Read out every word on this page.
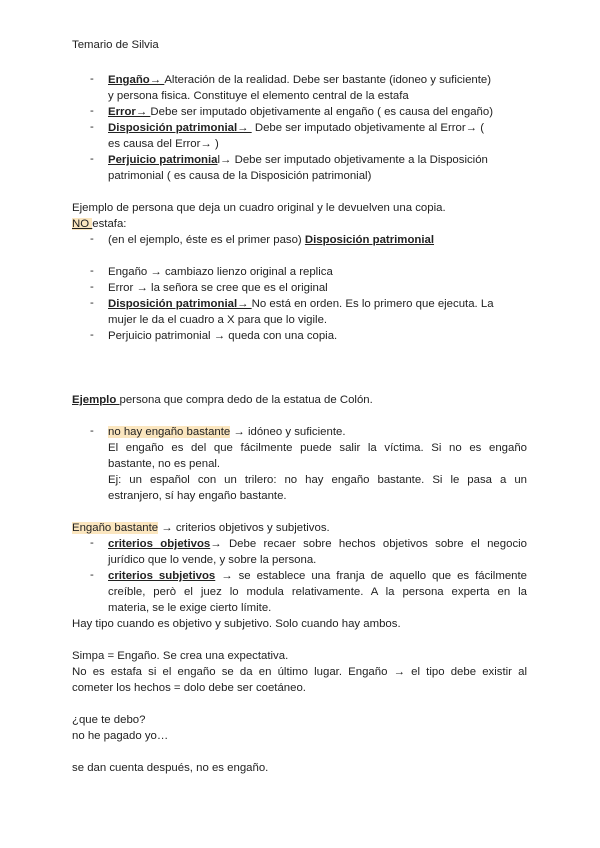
Temario de Silvia
- Engaño→ Alteración de la realidad. Debe ser bastante (idoneo y suficiente)
y persona fisica. Constituye el elemento central de la estafa
- Error→ Debe ser imputado objetivamente al engaño ( es causa del engaño)
- Disposición patrimonial→  Debe ser imputado objetivamente al Error→ (
es causa del Error→ )
- Perjuicio patrimonial→ Debe ser imputado objetivamente a la Disposición
patrimonial ( es causa de la Disposición patrimonial)
Ejemplo de persona que deja un cuadro original y le devuelven una copia.
NO estafa:
- (en el ejemplo, éste es el primer paso) Disposición patrimonial
- Engaño → cambiazo lienzo original a replica
- Error → la señora se cree que es el original
- Disposición patrimonial→ No está en orden. Es lo primero que ejecuta. La
mujer le da el cuadro a X para que lo vigile.
- Perjuicio patrimonial → queda con una copia.
Ejemplo persona que compra dedo de la estatua de Colón.
- no hay engaño bastante → idóneo y suficiente.
El engaño es del que fácilmente puede salir la víctima. Si no es engaño
bastante, no es penal.
Ej: un español con un trilero: no hay engaño bastante. Si le pasa a un
estranjero, sí hay engaño bastante.
Engaño bastante → criterios objetivos y subjetivos.
- criterios objetivos→ Debe recaer sobre hechos objetivos sobre el negocio
jurídico que lo vende, y sobre la persona.
- criterios subjetivos → se establece una franja de aquello que es fácilmente
creíble, però el juez lo modula relativamente. A la persona experta en la
materia, se le exige cierto límite.
Hay tipo cuando es objetivo y subjetivo. Solo cuando hay ambos.
Simpa = Engaño. Se crea una expectativa.
No es estafa si el engaño se da en último lugar. Engaño → el tipo debe existir al
cometer los hechos = dolo debe ser coetáneo.
¿que te debo?
no he pagado yo…
se dan cuenta después, no es engaño.
